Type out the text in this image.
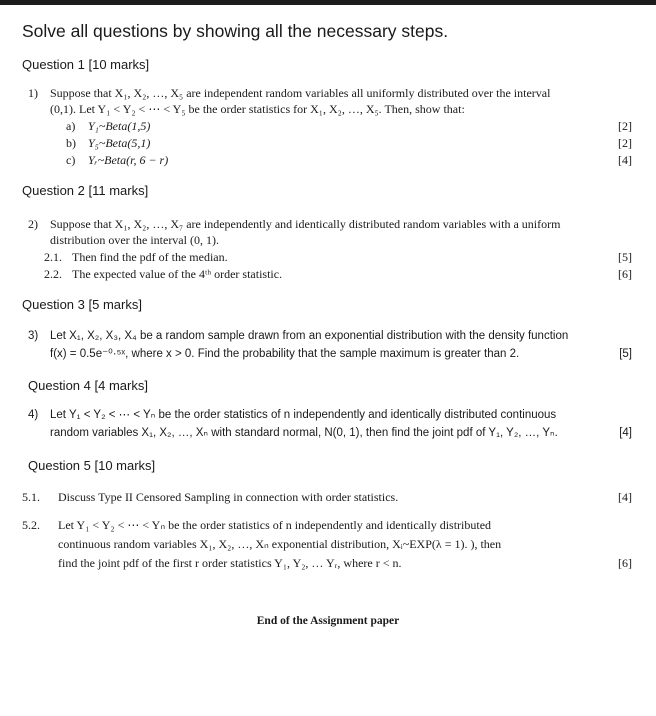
Solve all questions by showing all the necessary steps.
Question 1 [10 marks]
1) Suppose that X₁, X₂, …, X₅ are independent random variables all uniformly distributed over the interval
(0,1). Let Y₁ < Y₂ < ⋯ < Y₅ be the order statistics for X₁, X₂, …, X₅. Then, show that:
a) Y₁~Beta(1,5)	[2]
b) Y₅~Beta(5,1)	[2]
c) Yᵣ~Beta(r, 6 − r)	[4]
Question 2 [11 marks]
2) Suppose that X₁, X₂, …, X₇ are independently and identically distributed random variables with a uniform
distribution over the interval (0, 1).
2.1. Then find the pdf of the median.	[5]
2.2. The expected value of the 4ᵗʰ order statistic.	[6]
Question 3 [5 marks]
3) Let X₁, X₂, X₃, X₄ be a random sample drawn from an exponential distribution with the density function
f(x) = 0.5e⁻⁰·⁵ˣ, where x > 0. Find the probability that the sample maximum is greater than 2.	[5]
Question 4 [4 marks]
4) Let Y₁ < Y₂ < ⋯ < Yₙ be the order statistics of n independently and identically distributed continuous
random variables X₁, X₂, …, Xₙ with standard normal, N(0, 1), then find the joint pdf of Y₁, Y₂, …, Yₙ.	[4]
Question 5 [10 marks]
5.1. Discuss Type II Censored Sampling in connection with order statistics.	[4]
5.2. Let Y₁ < Y₂ < ⋯ < Yₙ be the order statistics of n independently and identically distributed
continuous random variables X₁, X₂, …, Xₙ exponential distribution, Xᵢ~EXP(λ = 1). ), then
find the joint pdf of the first r order statistics Y₁, Y₂, … Yᵣ, where r < n.	[6]
End of the Assignment paper
